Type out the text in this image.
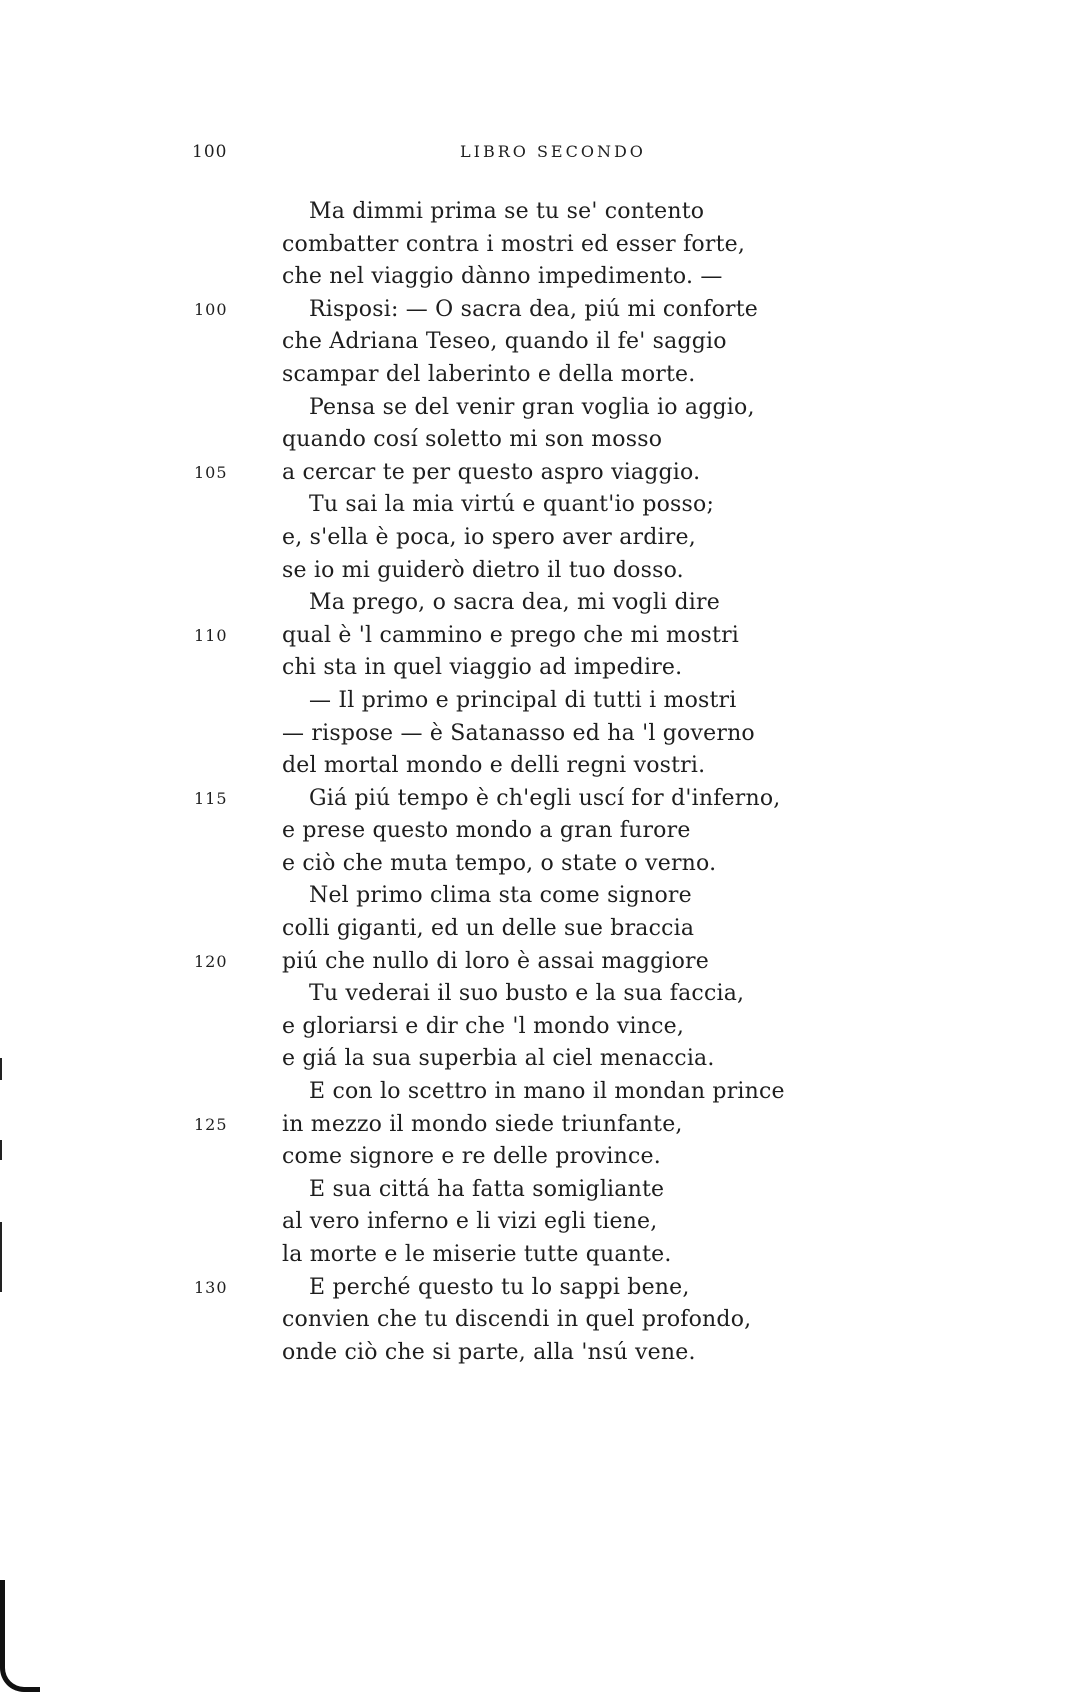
100	LIBRO SECONDO
Ma dimmi prima se tu se' contento
combatter contra i mostri ed esser forte,
che nel viaggio dànno impedimento. —
100	Risposi: — O sacra dea, piú mi conforte
che Adriana Teseo, quando il fe' saggio
scampar del laberinto e della morte.
Pensa se del venir gran voglia io aggio,
quando cosí soletto mi son mosso
105 a cercar te per questo aspro viaggio.
Tu sai la mia virtú e quant'io posso;
e, s'ella è poca, io spero aver ardire,
se io mi guiderò dietro il tuo dosso.
Ma prego, o sacra dea, mi vogli dire
110 qual è 'l cammino e prego che mi mostri
chi sta in quel viaggio ad impedire.
— Il primo e principal di tutti i mostri
— rispose — è Satanasso ed ha 'l governo
del mortal mondo e delli regni vostri.
115	Giá piú tempo è ch'egli uscí for d'inferno,
e prese questo mondo a gran furore
e ciò che muta tempo, o state o verno.
Nel primo clima sta come signore
colli giganti, ed un delle sue braccia
120 piú che nullo di loro è assai maggiore
Tu vederai il suo busto e la sua faccia,
e gloriarsi e dir che 'l mondo vince,
e giá la sua superbia al ciel menaccia.
E con lo scettro in mano il mondan prince
125 in mezzo il mondo siede triunfante,
come signore e re delle province.
E sua cittá ha fatta somigliante
al vero inferno e li vizi egli tiene,
la morte e le miserie tutte quante.
130	E perché questo tu lo sappi bene,
convien che tu discendi in quel profondo,
onde ciò che si parte, alla 'nsú vene.
